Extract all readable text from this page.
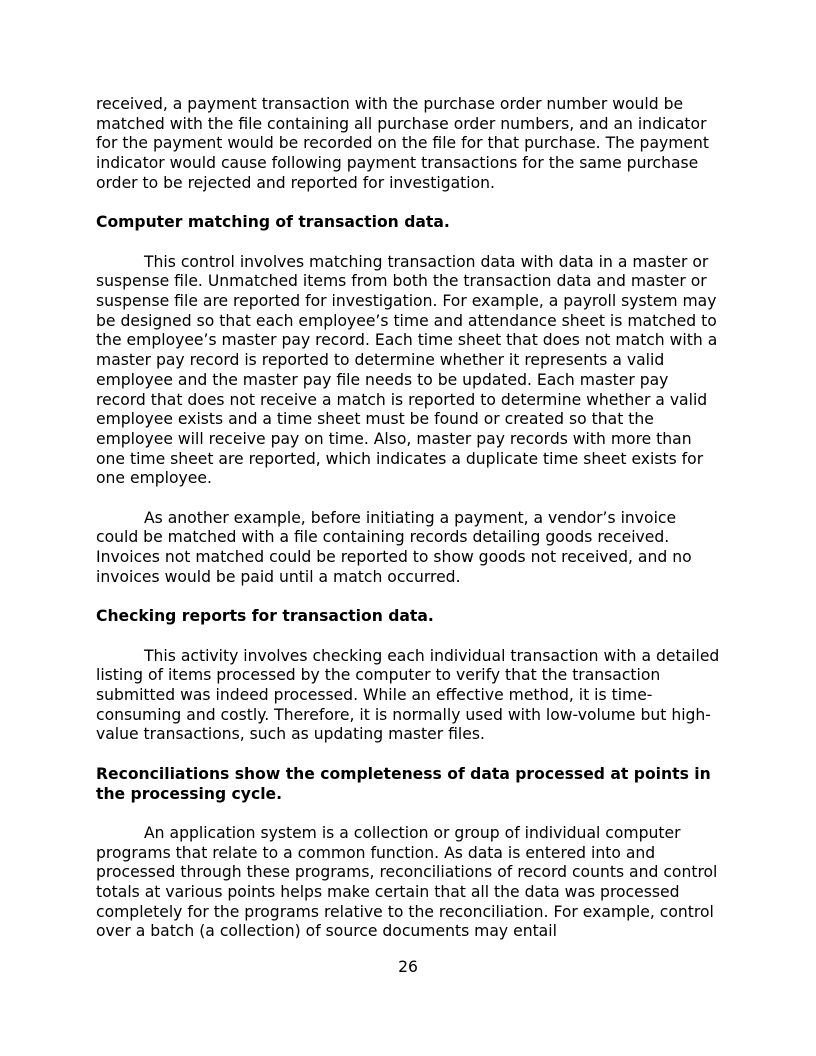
received, a payment transaction with the purchase order number would be matched with the file containing all purchase order numbers, and an indicator for the payment would be recorded on the file for that purchase. The payment indicator would cause following payment transactions for the same purchase order to be rejected and reported for investigation.

Computer matching of transaction data.

This control involves matching transaction data with data in a master or suspense file. Unmatched items from both the transaction data and master or suspense file are reported for investigation. For example, a payroll system may be designed so that each employee’s time and attendance sheet is matched to the employee’s master pay record. Each time sheet that does not match with a master pay record is reported to determine whether it represents a valid employee and the master pay file needs to be updated. Each master pay record that does not receive a match is reported to determine whether a valid employee exists and a time sheet must be found or created so that the employee will receive pay on time. Also, master pay records with more than one time sheet are reported, which indicates a duplicate time sheet exists for one employee.

As another example, before initiating a payment, a vendor’s invoice could be matched with a file containing records detailing goods received. Invoices not matched could be reported to show goods not received, and no invoices would be paid until a match occurred.

Checking reports for transaction data.

This activity involves checking each individual transaction with a detailed listing of items processed by the computer to verify that the transaction submitted was indeed processed. While an effective method, it is time-consuming and costly. Therefore, it is normally used with low-volume but high-value transactions, such as updating master files.

Reconciliations show the completeness of data processed at points in the processing cycle.

An application system is a collection or group of individual computer programs that relate to a common function. As data is entered into and processed through these programs, reconciliations of record counts and control totals at various points helps make certain that all the data was processed completely for the programs relative to the reconciliation. For example, control over a batch (a collection) of source documents may entail

26
